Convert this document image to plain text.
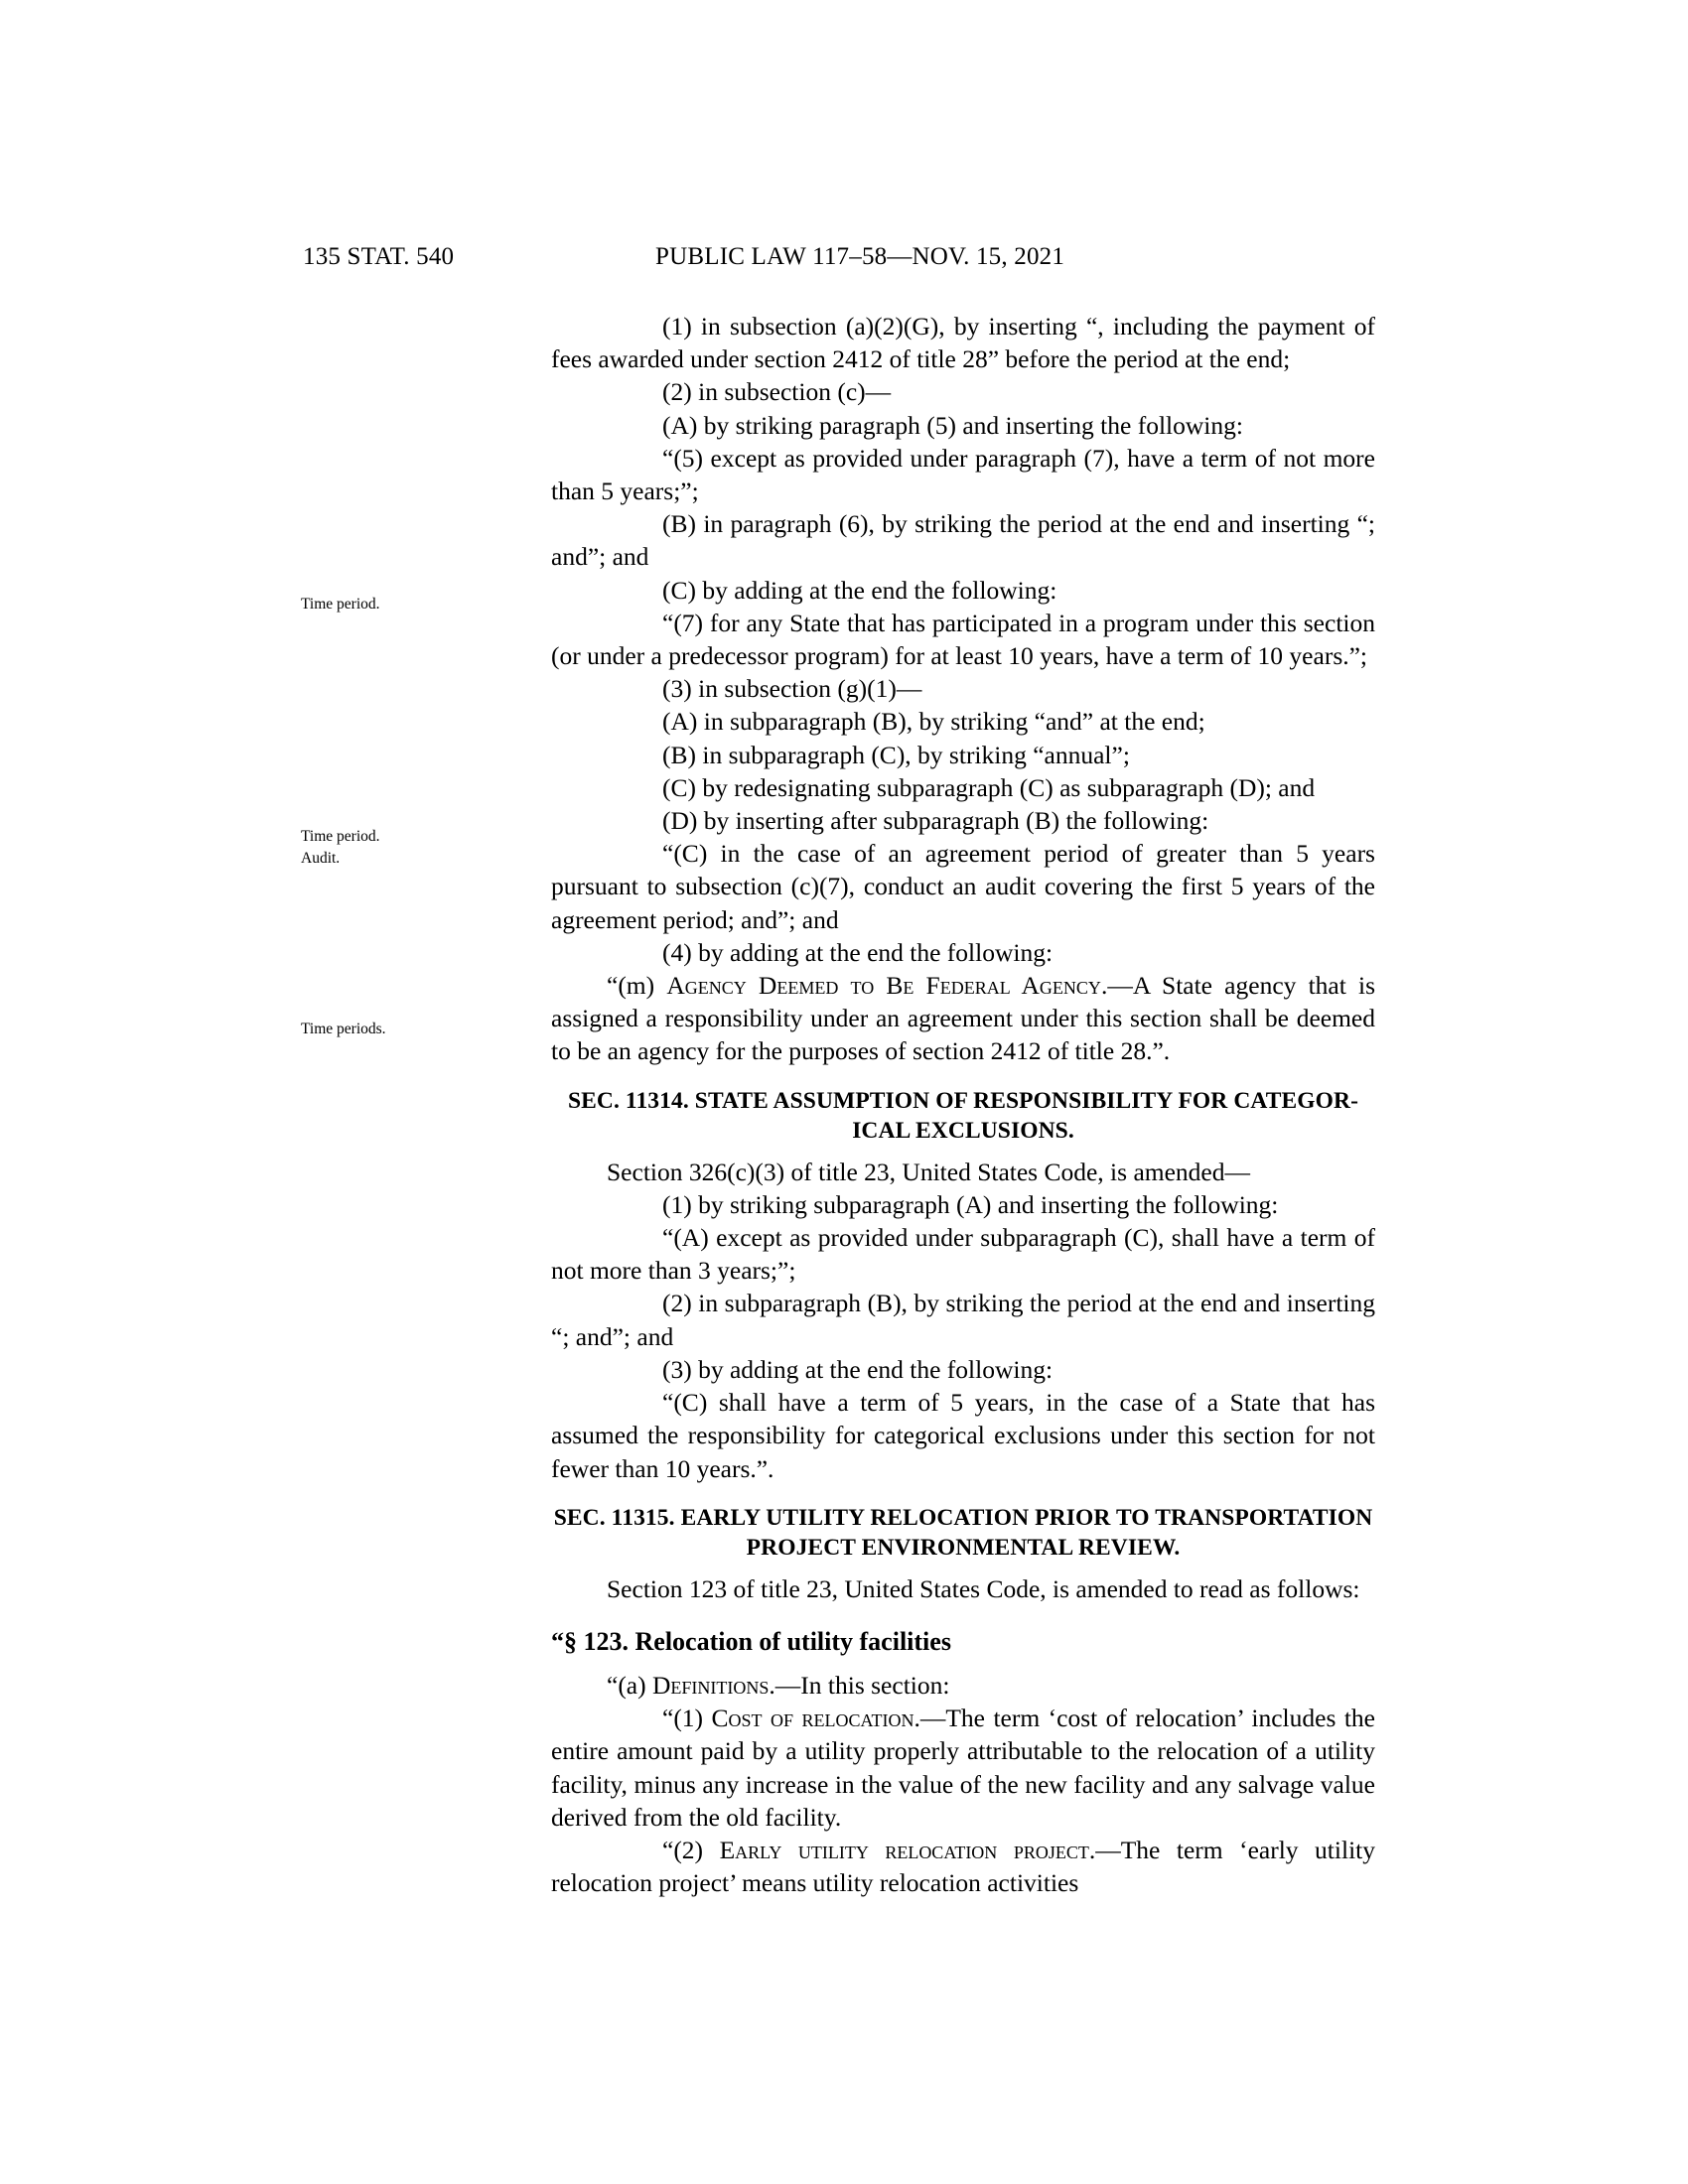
135 STAT. 540	PUBLIC LAW 117–58—NOV. 15, 2021
Time period.
Time period.
Audit.
Time periods.

(1) in subsection (a)(2)(G), by inserting “, including the payment of fees awarded under section 2412 of title 28” before the period at the end;

(2) in subsection (c)—

(A) by striking paragraph (5) and inserting the following:

“(5) except as provided under paragraph (7), have a term of not more than 5 years;”;

(B) in paragraph (6), by striking the period at the end and inserting “; and”; and

(C) by adding at the end the following:

“(7) for any State that has participated in a program under this section (or under a predecessor program) for at least 10 years, have a term of 10 years.”;

(3) in subsection (g)(1)—

(A) in subparagraph (B), by striking “and” at the end;

(B) in subparagraph (C), by striking “annual”;

(C) by redesignating subparagraph (C) as subparagraph (D); and

(D) by inserting after subparagraph (B) the following:

“(C) in the case of an agreement period of greater than 5 years pursuant to subsection (c)(7), conduct an audit covering the first 5 years of the agreement period; and”; and

(4) by adding at the end the following:

“(m) Agency Deemed to Be Federal Agency.—A State agency that is assigned a responsibility under an agreement under this section shall be deemed to be an agency for the purposes of section 2412 of title 28.”.

SEC. 11314. STATE ASSUMPTION OF RESPONSIBILITY FOR CATEGOR-
ICAL EXCLUSIONS.

Section 326(c)(3) of title 23, United States Code, is amended—

(1) by striking subparagraph (A) and inserting the following:

“(A) except as provided under subparagraph (C), shall have a term of not more than 3 years;”;

(2) in subparagraph (B), by striking the period at the end and inserting “; and”; and

(3) by adding at the end the following:

“(C) shall have a term of 5 years, in the case of a State that has assumed the responsibility for categorical exclusions under this section for not fewer than 10 years.”.

SEC. 11315. EARLY UTILITY RELOCATION PRIOR TO TRANSPORTATION
PROJECT ENVIRONMENTAL REVIEW.

Section 123 of title 23, United States Code, is amended to read as follows:

“§ 123. Relocation of utility facilities

“(a) Definitions.—In this section:

“(1) Cost of relocation.—The term ‘cost of relocation’ includes the entire amount paid by a utility properly attributable to the relocation of a utility facility, minus any increase in the value of the new facility and any salvage value derived from the old facility.

“(2) Early utility relocation project.—The term ‘early utility relocation project’ means utility relocation activities
